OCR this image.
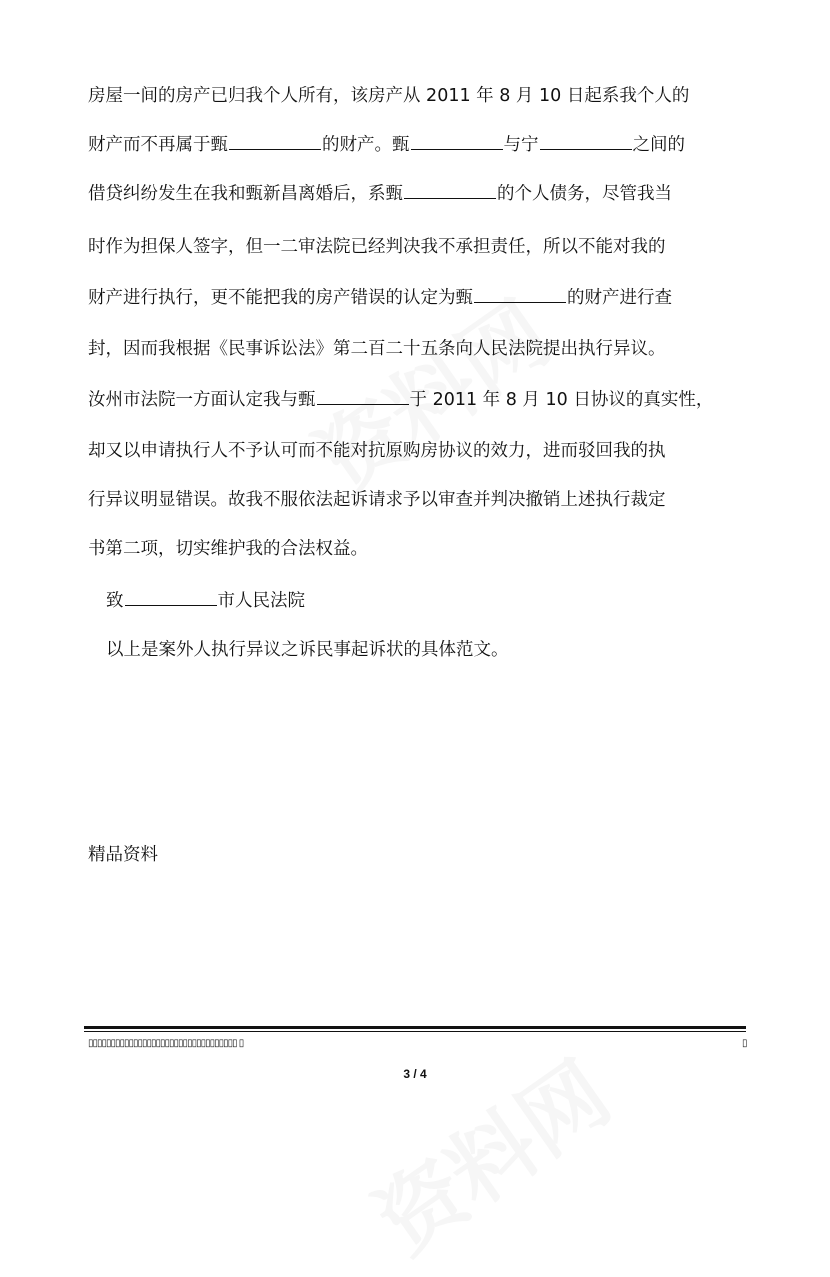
房屋一间的房产已归我个人所有，该房产从 2011 年 8 月 10 日起系我个人的
财产而不再属于甄	的财产。甄	与宁	之间的
借贷纠纷发生在我和甄新昌离婚后，系甄	的个人债务，尽管我当
时作为担保人签字，但一二审法院已经判决我不承担责任，所以不能对我的
财产进行执行，更不能把我的房产错误的认定为甄	的财产进行查
封，因而我根据《民事诉讼法》第二百二十五条向人民法院提出执行异议。
汝州市法院一方面认定我与甄	于 2011 年 8 月 10 日协议的真实性，
却又以申请执行人不予认可而不能对抗原购房协议的效力，进而驳回我的执
行异议明显错误。故我不服依法起诉请求予以审查并判决撤销上述执行裁定
书第二项，切实维护我的合法权益。
致	市人民法院
以上是案外人执行异议之诉民事起诉状的具体范文。
精品资料
▯▯▯▯▯▯▯▯▯▯▯▯▯▯▯▯▯▯▯▯▯▯▯▯▯▯▯▯▯▯▯▯▯ ▯	▯
3 / 4
